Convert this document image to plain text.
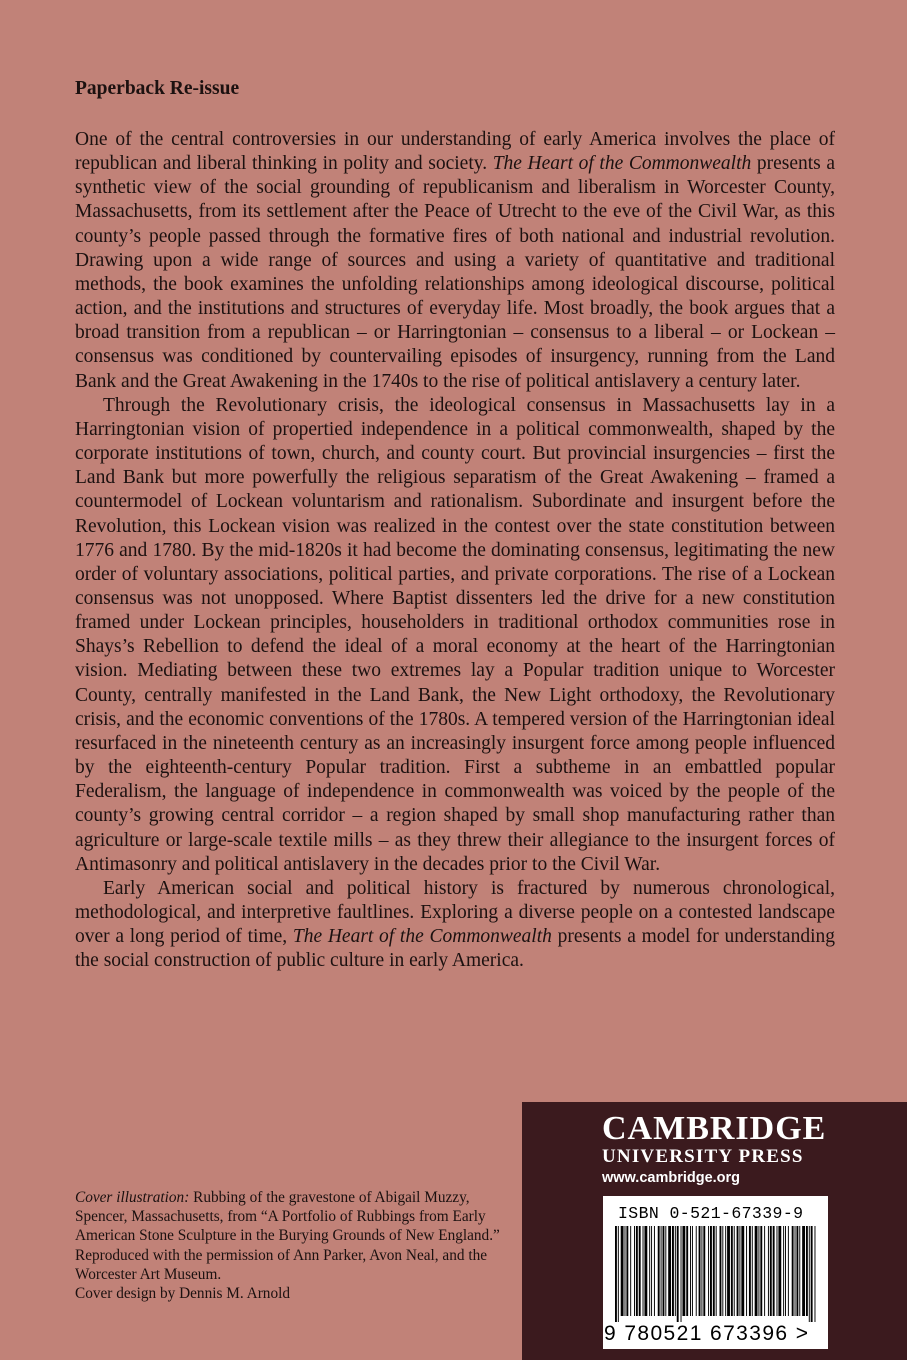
Paperback Re-issue

One of the central controversies in our understanding of early America involves the place of republican and liberal thinking in polity and society. The Heart of the Commonwealth presents a synthetic view of the social grounding of republicanism and liberalism in Worcester County, Massachusetts, from its settlement after the Peace of Utrecht to the eve of the Civil War, as this county’s people passed through the formative fires of both national and industrial revolution. Drawing upon a wide range of sources and using a variety of quantitative and traditional methods, the book examines the unfolding relationships among ideological discourse, political action, and the institutions and structures of everyday life. Most broadly, the book argues that a broad transition from a republican – or Harringtonian – consensus to a liberal – or Lockean – consensus was conditioned by countervailing episodes of insurgency, running from the Land Bank and the Great Awakening in the 1740s to the rise of political antislavery a century later.

Through the Revolutionary crisis, the ideological consensus in Massachusetts lay in a Harringtonian vision of propertied independence in a political commonwealth, shaped by the corporate institutions of town, church, and county court. But provincial insurgencies – first the Land Bank but more powerfully the religious separatism of the Great Awakening – framed a countermodel of Lockean voluntarism and rationalism. Subordinate and insurgent before the Revolution, this Lockean vision was realized in the contest over the state constitution between 1776 and 1780. By the mid-1820s it had become the dominating consensus, legitimating the new order of voluntary associations, political parties, and private corporations. The rise of a Lockean consensus was not unopposed. Where Baptist dissenters led the drive for a new constitution framed under Lockean principles, householders in traditional orthodox communities rose in Shays’s Rebellion to defend the ideal of a moral economy at the heart of the Harringtonian vision. Mediating between these two extremes lay a Popular tradition unique to Worcester County, centrally manifested in the Land Bank, the New Light orthodoxy, the Revolutionary crisis, and the economic conventions of the 1780s. A tempered version of the Harringtonian ideal resurfaced in the nineteenth century as an increasingly insurgent force among people influenced by the eighteenth-century Popular tradition. First a subtheme in an embattled popular Federalism, the language of independence in commonwealth was voiced by the people of the county’s growing central corridor – a region shaped by small shop manufacturing rather than agriculture or large-scale textile mills – as they threw their allegiance to the insurgent forces of Antimasonry and political antislavery in the decades prior to the Civil War.

Early American social and political history is fractured by numerous chronological, methodological, and interpretive faultlines. Exploring a diverse people on a contested landscape over a long period of time, The Heart of the Commonwealth presents a model for understanding the social construction of public culture in early America.

Cover illustration: Rubbing of the gravestone of Abigail Muzzy, Spencer, Massachusetts, from “A Portfolio of Rubbings from Early American Stone Sculpture in the Burying Grounds of New England.” Reproduced with the permission of Ann Parker, Avon Neal, and the Worcester Art Museum.

Cover design by Dennis M. Arnold

CAMBRIDGE
UNIVERSITY PRESS
www.cambridge.org
ISBN 0-521-67339-9
9 780521 673396 >
